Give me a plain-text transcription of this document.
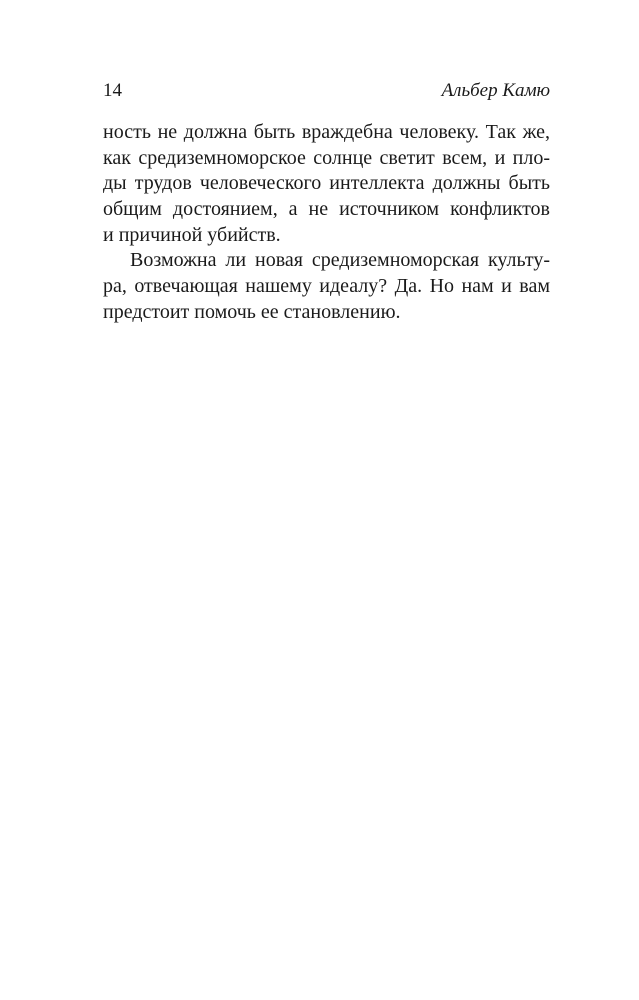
14	Альбер Камю
ность не должна быть враждебна человеку. Так же,
как средиземноморское солнце светит всем, и пло-
ды трудов человеческого интеллекта должны быть
общим достоянием, а не источником конфликтов
и причиной убийств.
Возможна ли новая средиземноморская культу-
ра, отвечающая нашему идеалу? Да. Но нам и вам
предстоит помочь ее становлению.
